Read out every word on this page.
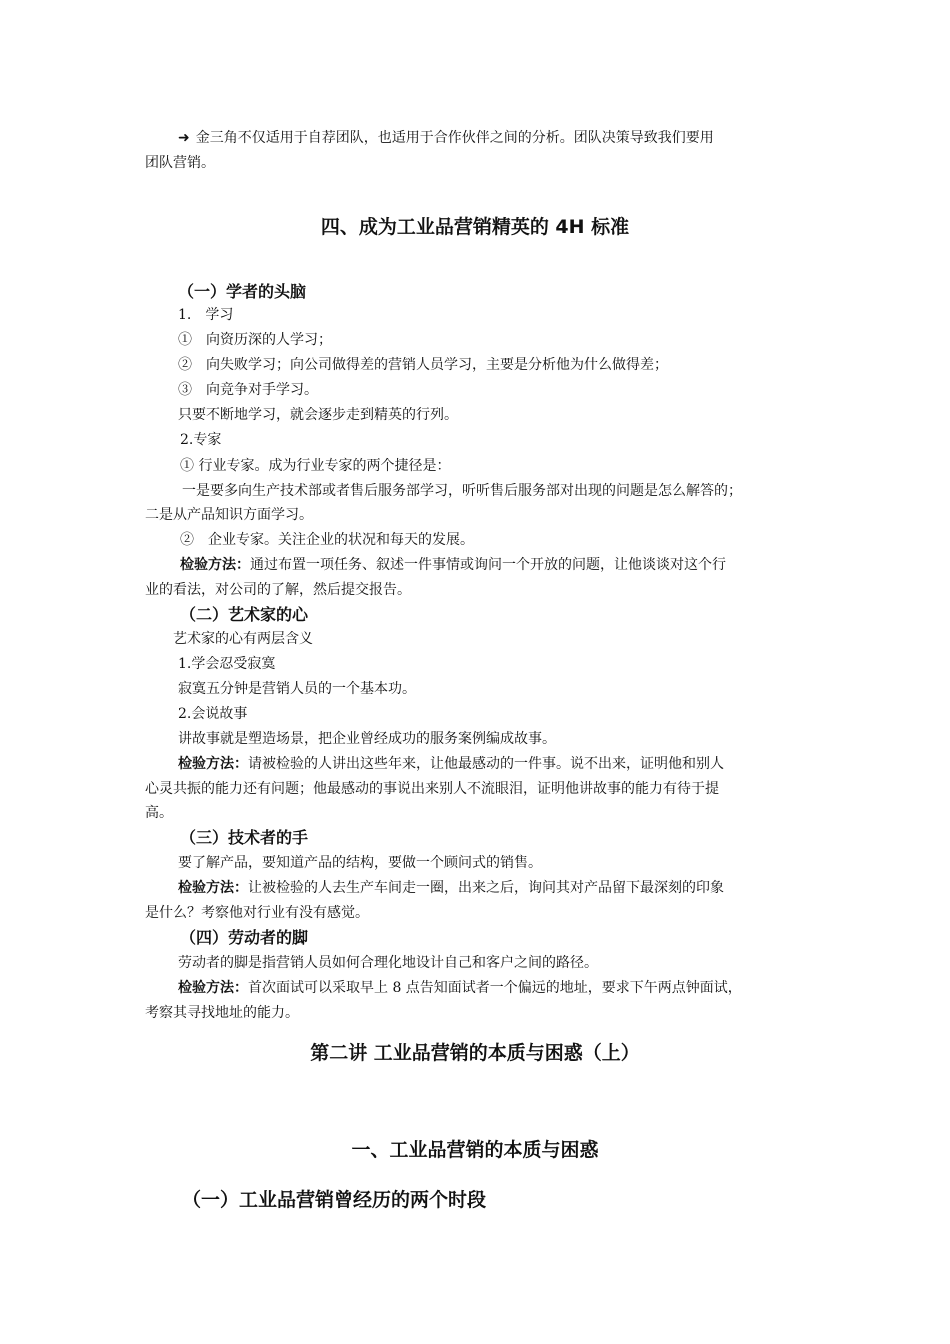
➜ 金三角不仅适用于自荐团队，也适用于合作伙伴之间的分析。团队决策导致我们要用
团队营销。
四、成为工业品营销精英的 4H 标准
（一）学者的头脑
1.　学习
①　向资历深的人学习；
②　向失败学习；向公司做得差的营销人员学习，主要是分析他为什么做得差；
③　向竞争对手学习。
只要不断地学习，就会逐步走到精英的行列。
2.专家
① 行业专家。成为行业专家的两个捷径是：
一是要多向生产技术部或者售后服务部学习，听听售后服务部对出现的问题是怎么解答的；
二是从产品知识方面学习。
②　企业专家。关注企业的状况和每天的发展。
检验方法：通过布置一项任务、叙述一件事情或询问一个开放的问题，让他谈谈对这个行
业的看法，对公司的了解，然后提交报告。
（二）艺术家的心
艺术家的心有两层含义
1.学会忍受寂寞
寂寞五分钟是营销人员的一个基本功。
2.会说故事
讲故事就是塑造场景，把企业曾经成功的服务案例编成故事。
检验方法：请被检验的人讲出这些年来，让他最感动的一件事。说不出来，证明他和别人
心灵共振的能力还有问题；他最感动的事说出来别人不流眼泪，证明他讲故事的能力有待于提
高。
（三）技术者的手
要了解产品，要知道产品的结构，要做一个顾问式的销售。
检验方法：让被检验的人去生产车间走一圈，出来之后，询问其对产品留下最深刻的印象
是什么？考察他对行业有没有感觉。
（四）劳动者的脚
劳动者的脚是指营销人员如何合理化地设计自己和客户之间的路径。
检验方法：首次面试可以采取早上 8 点告知面试者一个偏远的地址，要求下午两点钟面试，
考察其寻找地址的能力。
第二讲 工业品营销的本质与困惑（上）
一、工业品营销的本质与困惑
（一）工业品营销曾经历的两个时段
